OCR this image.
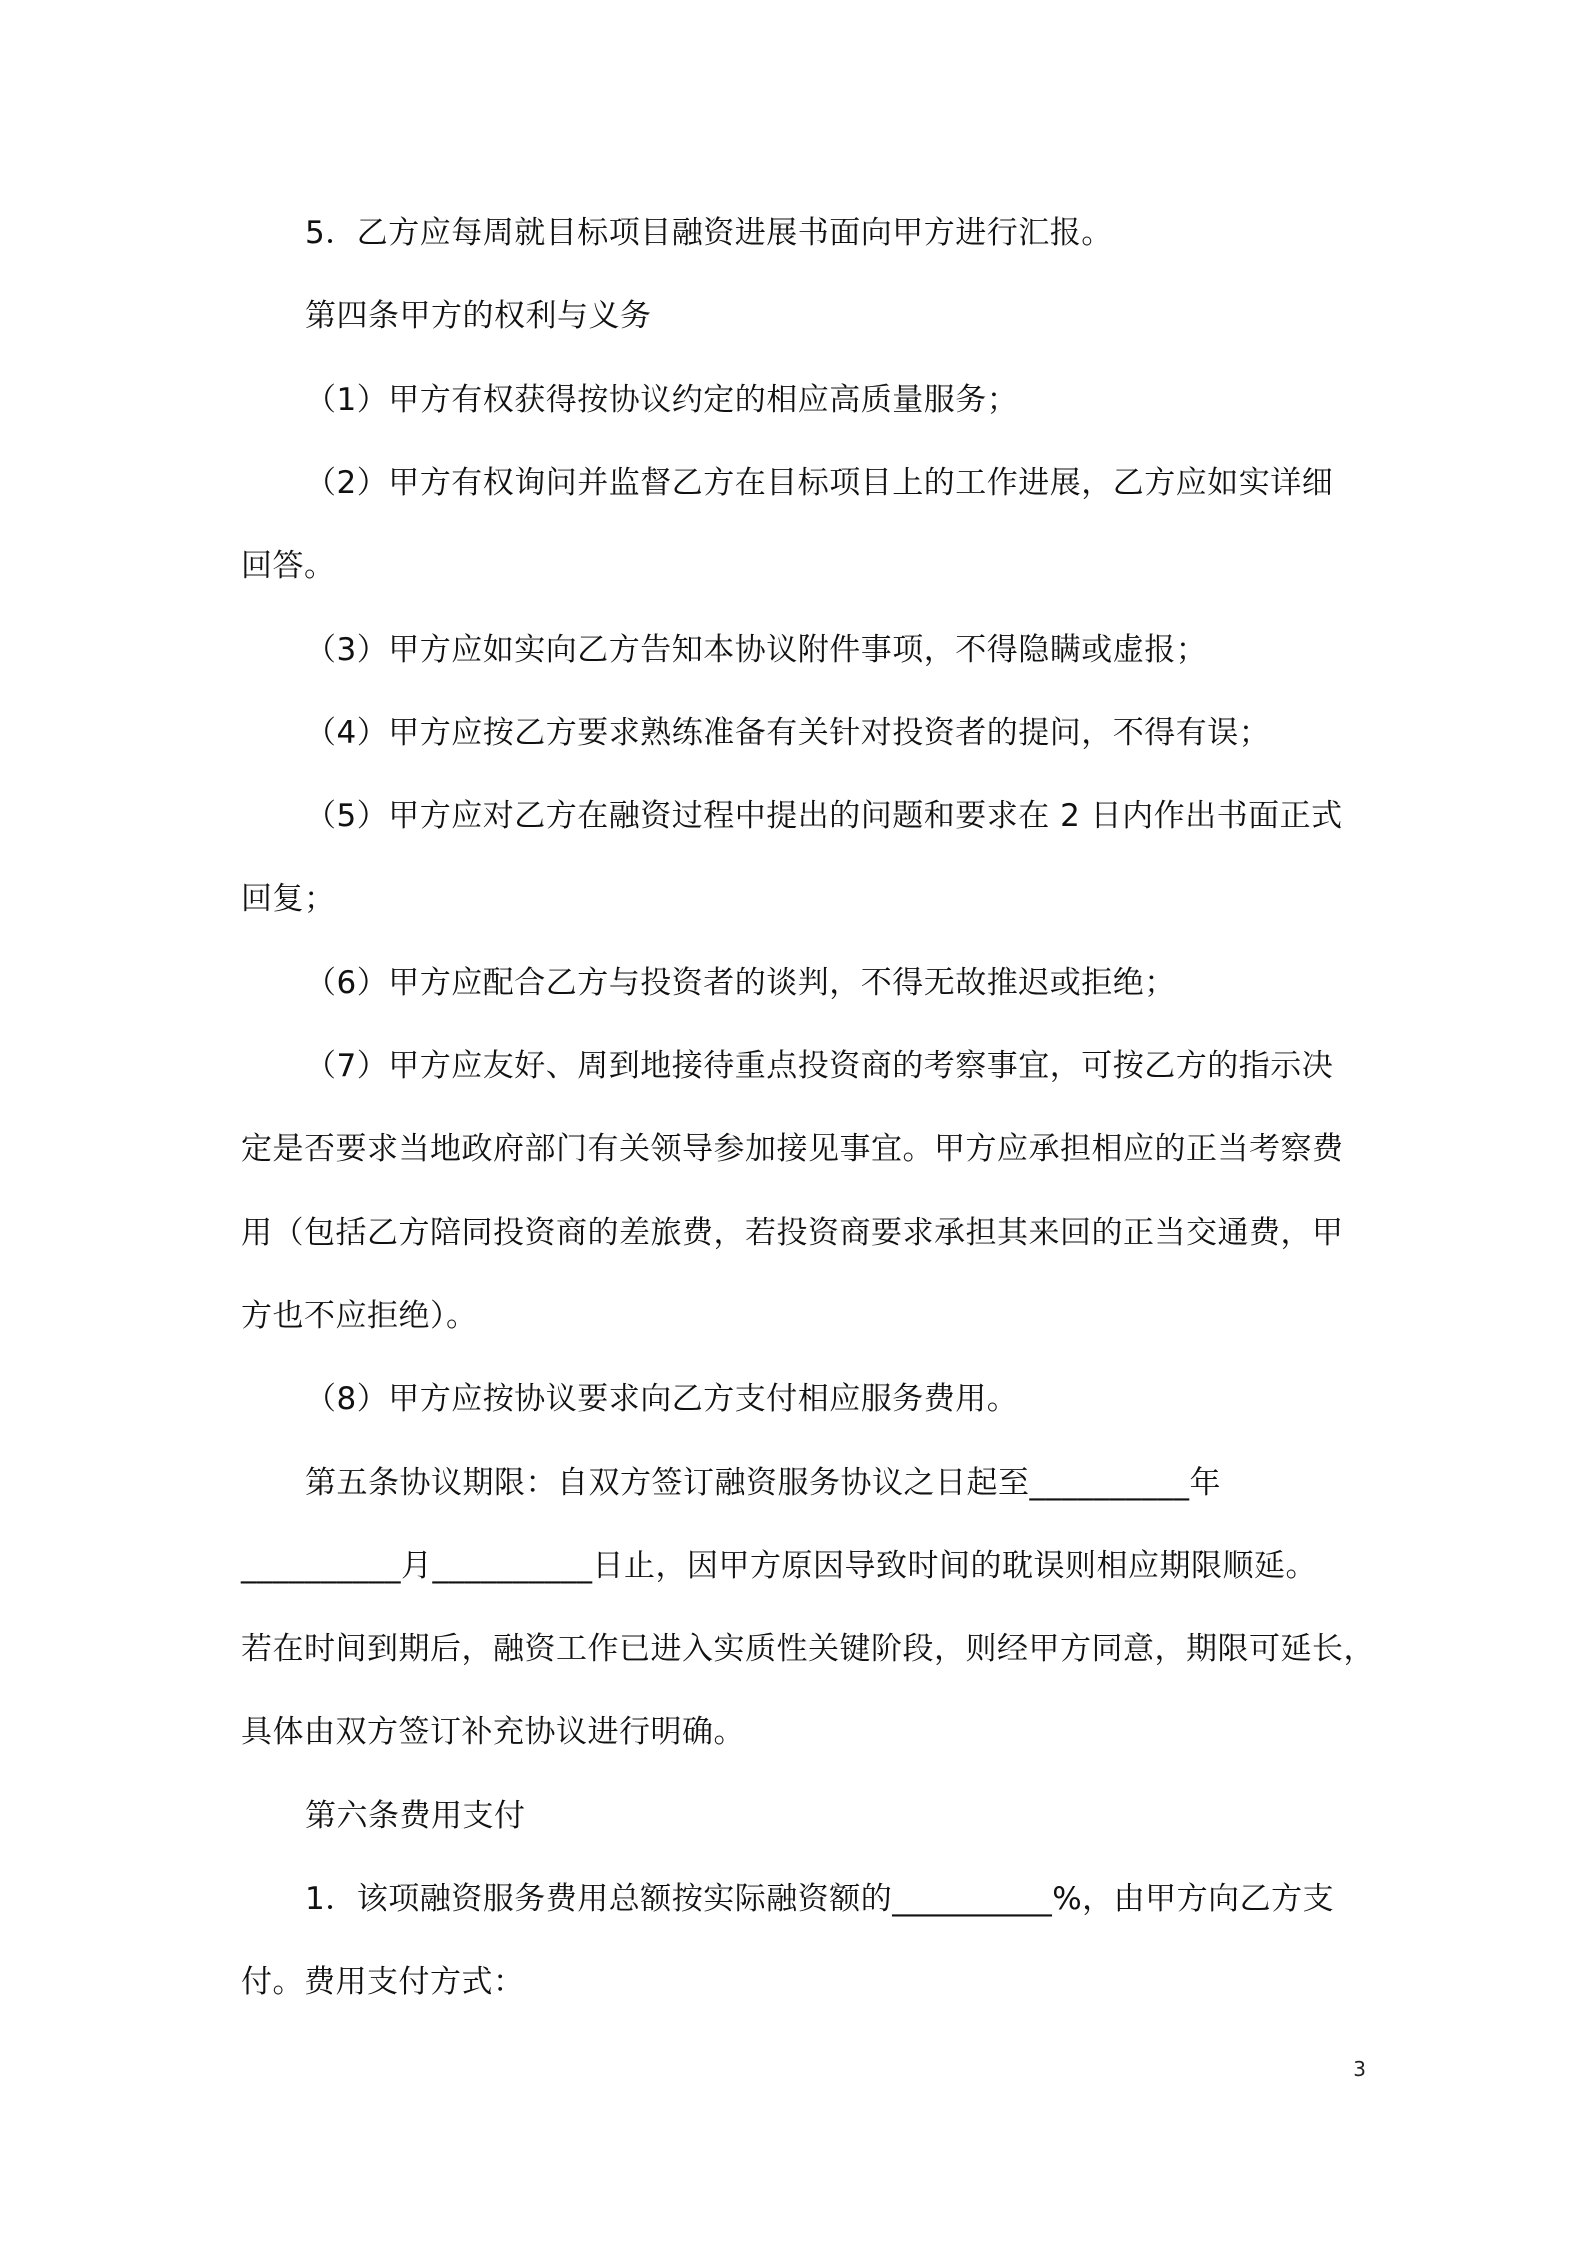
5．乙方应每周就目标项目融资进展书面向甲方进行汇报。
第四条甲方的权利与义务
（1）甲方有权获得按协议约定的相应高质量服务；
（2）甲方有权询问并监督乙方在目标项目上的工作进展，乙方应如实详细
回答。
（3）甲方应如实向乙方告知本协议附件事项，不得隐瞒或虚报；
（4）甲方应按乙方要求熟练准备有关针对投资者的提问，不得有误；
（5）甲方应对乙方在融资过程中提出的问题和要求在 2 日内作出书面正式
回复；
（6）甲方应配合乙方与投资者的谈判，不得无故推迟或拒绝；
（7）甲方应友好、周到地接待重点投资商的考察事宜，可按乙方的指示决
定是否要求当地政府部门有关领导参加接见事宜。甲方应承担相应的正当考察费
用（包括乙方陪同投资商的差旅费，若投资商要求承担其来回的正当交通费，甲
方也不应拒绝）。
（8）甲方应按协议要求向乙方支付相应服务费用。
第五条协议期限：自双方签订融资服务协议之日起至__________年
__________月__________日止，因甲方原因导致时间的耽误则相应期限顺延。
若在时间到期后，融资工作已进入实质性关键阶段，则经甲方同意，期限可延长，
具体由双方签订补充协议进行明确。
第六条费用支付
1．该项融资服务费用总额按实际融资额的__________%，由甲方向乙方支
付。费用支付方式：
3
